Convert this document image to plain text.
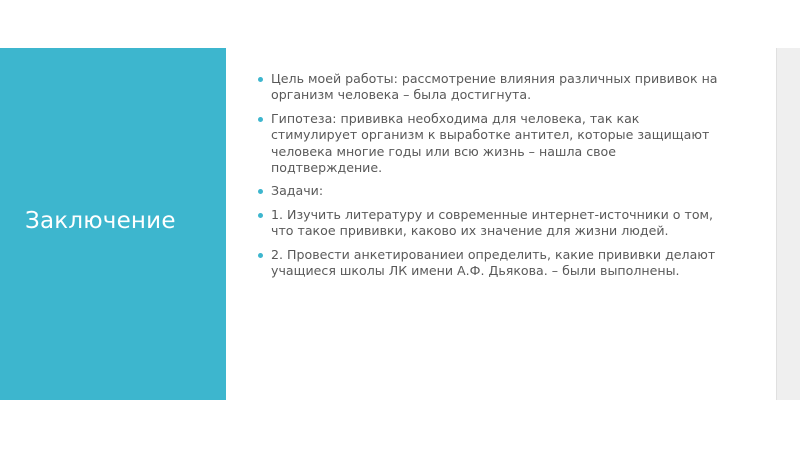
Заключение
Цель моей работы: рассмотрение влияния различных прививок на организм человека – была достигнута.
Гипотеза: прививка необходима для человека, так как стимулирует организм к выработке антител, которые защищают человека многие годы или всю жизнь – нашла свое подтверждение.
Задачи:
1. Изучить литературу и современные интернет-источники о том, что такое прививки, каково их значение для жизни людей.
2. Провести анкетированиеи определить, какие прививки делают учащиеся школы ЛК имени А.Ф. Дьякова. – были выполнены.
